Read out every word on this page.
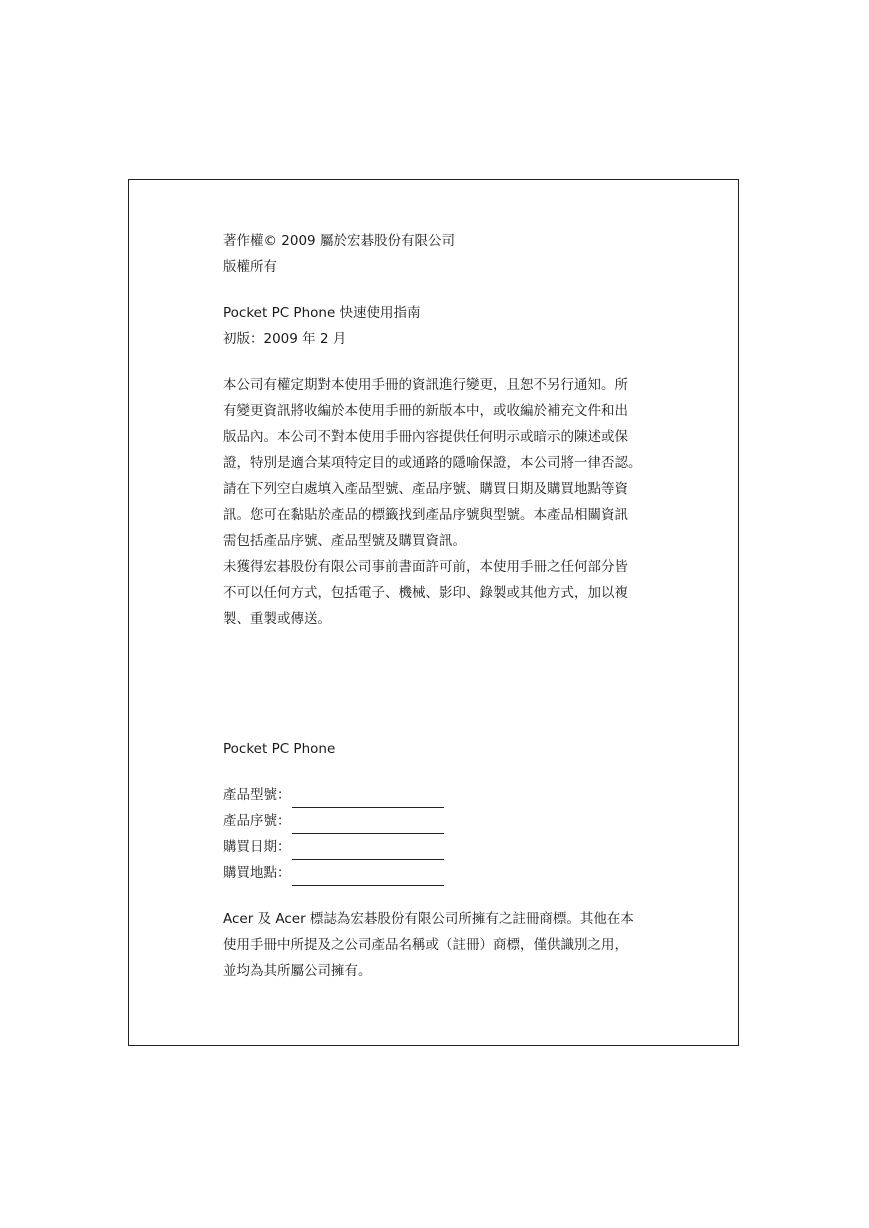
著作權© 2009 屬於宏碁股份有限公司
版權所有
Pocket PC Phone 快速使用指南
初版：2009 年 2 月
本公司有權定期對本使用手冊的資訊進行變更，且恕不另行通知。所
有變更資訊將收編於本使用手冊的新版本中，或收編於補充文件和出
版品內。本公司不對本使用手冊內容提供任何明示或暗示的陳述或保
證，特別是適合某項特定目的或通路的隱喻保證，本公司將一律否認。
請在下列空白處填入產品型號、產品序號、購買日期及購買地點等資
訊。您可在黏貼於產品的標籤找到產品序號與型號。本產品相關資訊
需包括產品序號、產品型號及購買資訊。
未獲得宏碁股份有限公司事前書面許可前，本使用手冊之任何部分皆
不可以任何方式，包括電子、機械、影印、錄製或其他方式，加以複
製、重製或傳送。
Pocket PC Phone
產品型號：
產品序號：
購買日期：
購買地點：
Acer 及 Acer 標誌為宏碁股份有限公司所擁有之註冊商標。其他在本
使用手冊中所提及之公司產品名稱或（註冊）商標，僅供識別之用，
並均為其所屬公司擁有。
